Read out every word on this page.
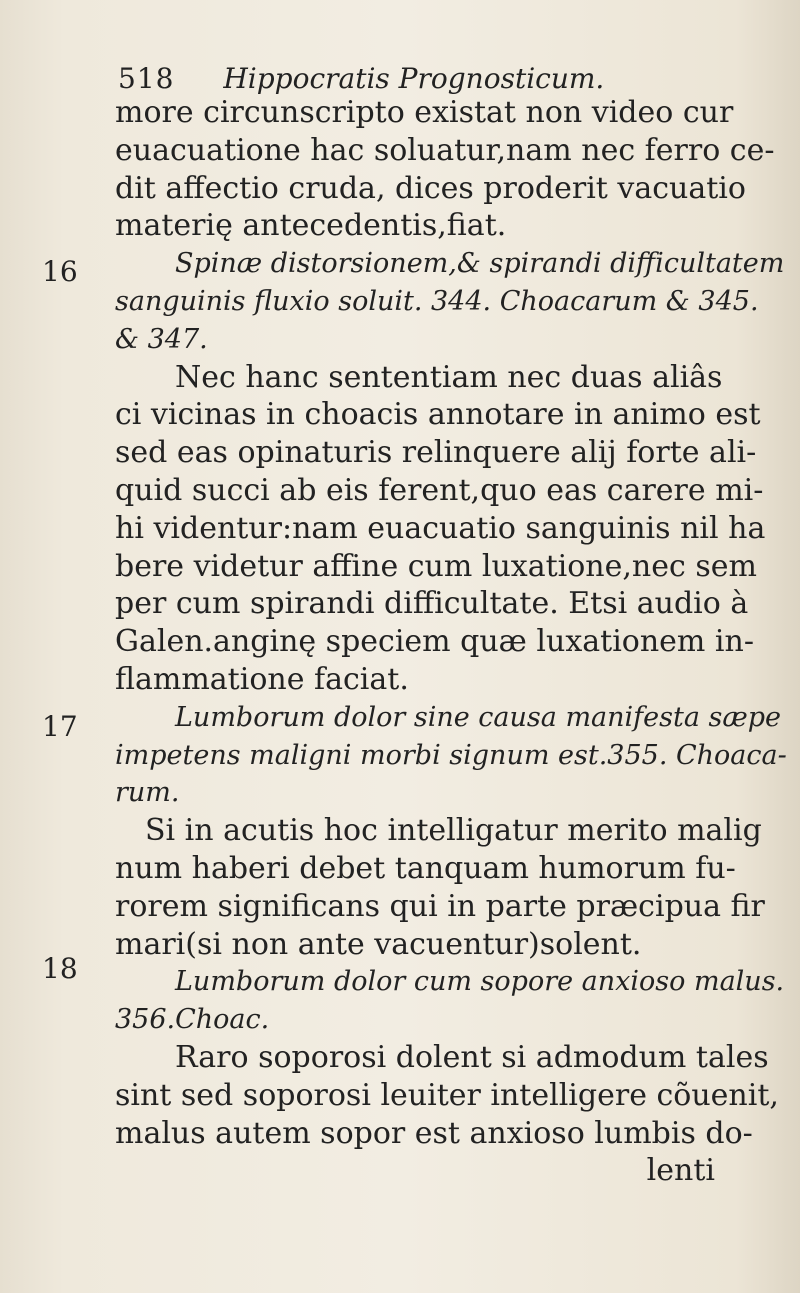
518 Hippocratis Prognosticum.
16
17
18
more circunscripto existat non video cur
euacuatione hac soluatur,nam nec ferro ce-
dit affectio cruda, dices proderit vacuatio
materię antecedentis,fiat.
Spinæ distorsionem,& spirandi difficultatem
sanguinis fluxio soluit. 344. Choacarum & 345.
& 347.
Nec hanc sententiam nec duas aliâs
ci vicinas in choacis annotare in animo est
sed eas opinaturis relinquere alij forte ali-
quid succi ab eis ferent,quo eas carere mi-
hi videntur:nam euacuatio sanguinis nil ha
bere videtur affine cum luxatione,nec sem
per cum spirandi difficultate. Etsi audio à
Galen.anginę speciem quæ luxationem in-
flammatione faciat.
Lumborum dolor sine causa manifesta sæpe
impetens maligni morbi signum est.355. Choaca-
rum.
Si in acutis hoc intelligatur merito malig
num haberi debet tanquam humorum fu-
rorem significans qui in parte præcipua fir
mari(si non ante vacuentur)solent.
Lumborum dolor cum sopore anxioso malus.
356.Choac.
Raro soporosi dolent si admodum tales
sint sed soporosi leuiter intelligere cõuenit,
malus autem sopor est anxioso lumbis do-
lenti
